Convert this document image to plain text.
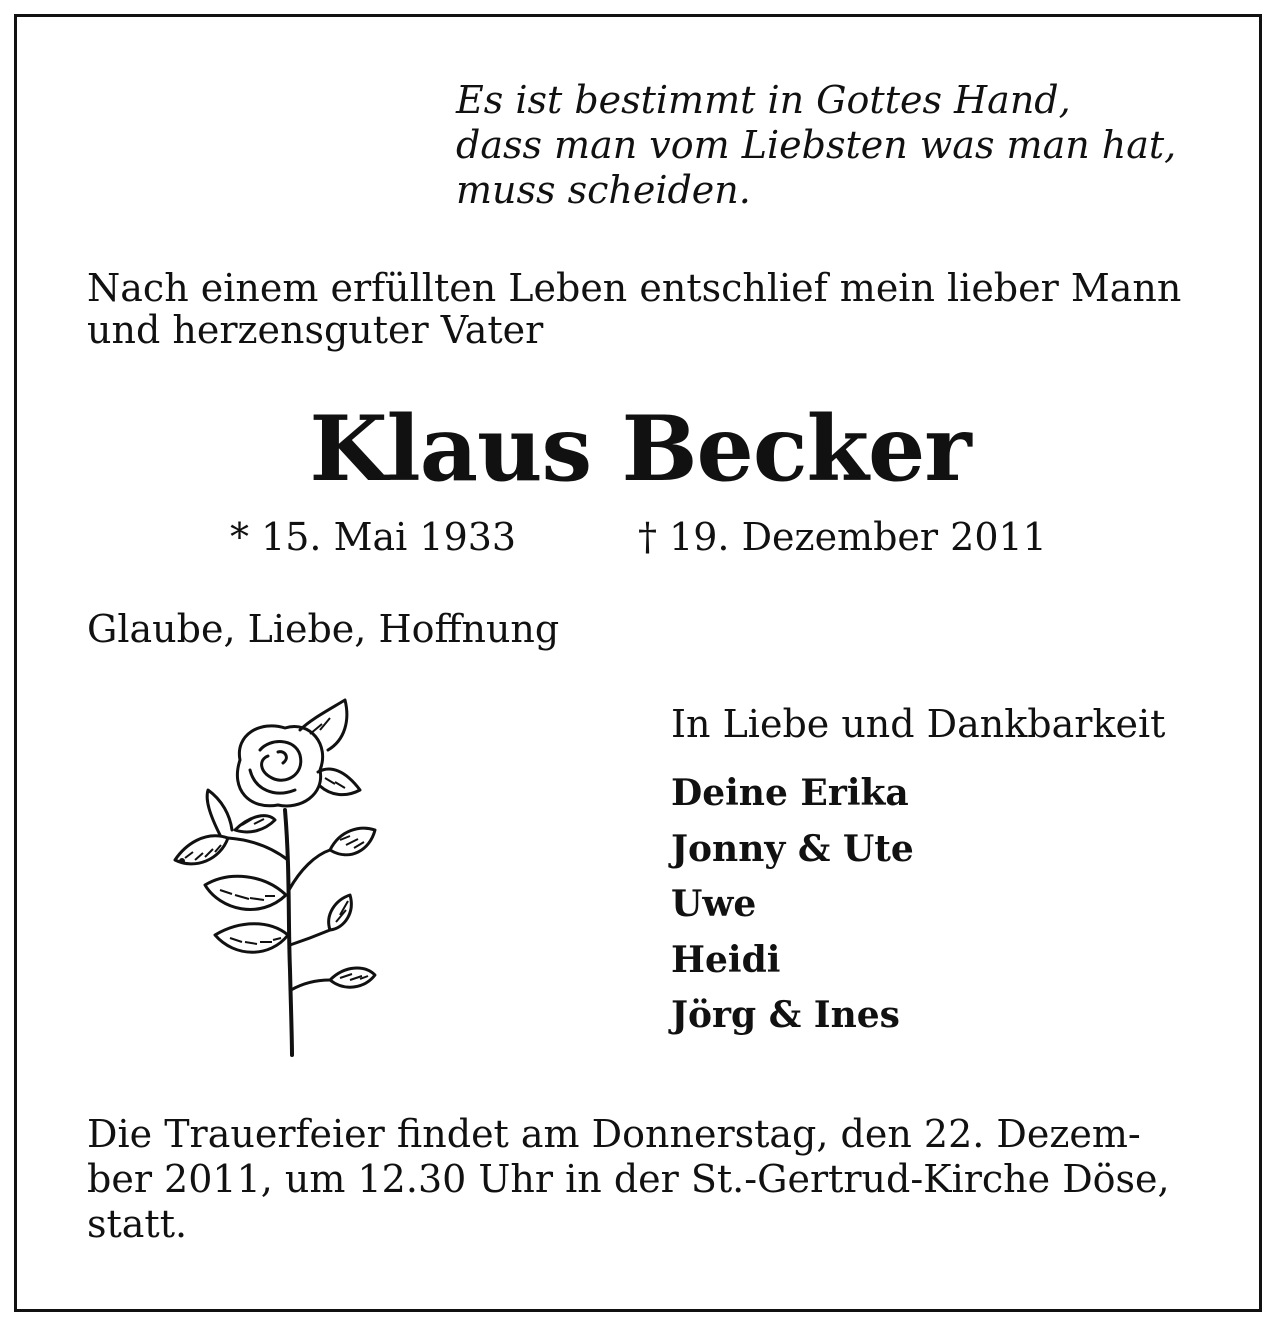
Es ist bestimmt in Gottes Hand,
dass man vom Liebsten was man hat,
muss scheiden.

Nach einem erfüllten Leben entschlief mein lieber Mann
und herzensguter Vater

Klaus Becker

* 15. Mai 1933	† 19. Dezember 2011

Glaube, Liebe, Hoffnung

In Liebe und Dankbarkeit

Deine Erika
Jonny & Ute
Uwe
Heidi
Jörg & Ines

Die Trauerfeier findet am Donnerstag, den 22. Dezem-
ber 2011, um 12.30 Uhr in der St.-Gertrud-Kirche Döse,
statt.
